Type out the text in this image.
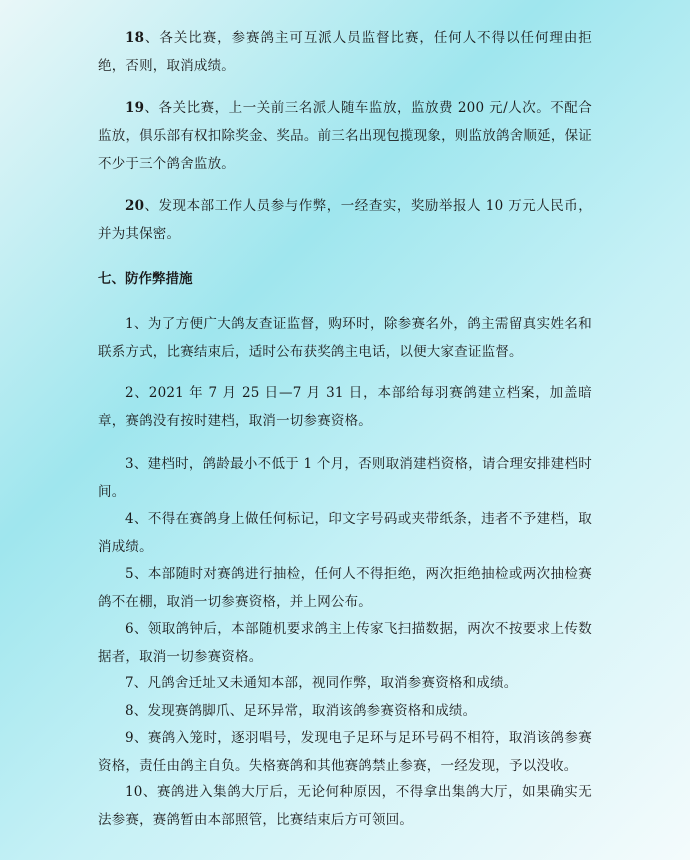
18、各关比赛，参赛鸽主可互派人员监督比赛，任何人不得以任何理由拒绝，否则，取消成绩。

19、各关比赛，上一关前三名派人随车监放，监放费 200 元/人次。不配合监放，俱乐部有权扣除奖金、奖品。前三名出现包揽现象，则监放鸽舍顺延，保证不少于三个鸽舍监放。

20、发现本部工作人员参与作弊，一经查实，奖励举报人 10 万元人民币，并为其保密。

七、防作弊措施

1、为了方便广大鸽友查证监督，购环时，除参赛名外，鸽主需留真实姓名和联系方式，比赛结束后，适时公布获奖鸽主电话，以便大家查证监督。

2、2021 年 7 月 25 日—7 月 31 日，本部给每羽赛鸽建立档案，加盖暗章，赛鸽没有按时建档，取消一切参赛资格。

3、建档时，鸽龄最小不低于 1 个月，否则取消建档资格，请合理安排建档时间。

4、不得在赛鸽身上做任何标记，印文字号码或夹带纸条，违者不予建档，取消成绩。

5、本部随时对赛鸽进行抽检，任何人不得拒绝，两次拒绝抽检或两次抽检赛鸽不在棚，取消一切参赛资格，并上网公布。

6、领取鸽钟后，本部随机要求鸽主上传家飞扫描数据，两次不按要求上传数据者，取消一切参赛资格。

7、凡鸽舍迁址又未通知本部，视同作弊，取消参赛资格和成绩。

8、发现赛鸽脚爪、足环异常，取消该鸽参赛资格和成绩。

9、赛鸽入笼时，逐羽唱号，发现电子足环与足环号码不相符，取消该鸽参赛资格，责任由鸽主自负。失格赛鸽和其他赛鸽禁止参赛，一经发现，予以没收。

10、赛鸽进入集鸽大厅后，无论何种原因，不得拿出集鸽大厅，如果确实无法参赛，赛鸽暂由本部照管，比赛结束后方可领回。
